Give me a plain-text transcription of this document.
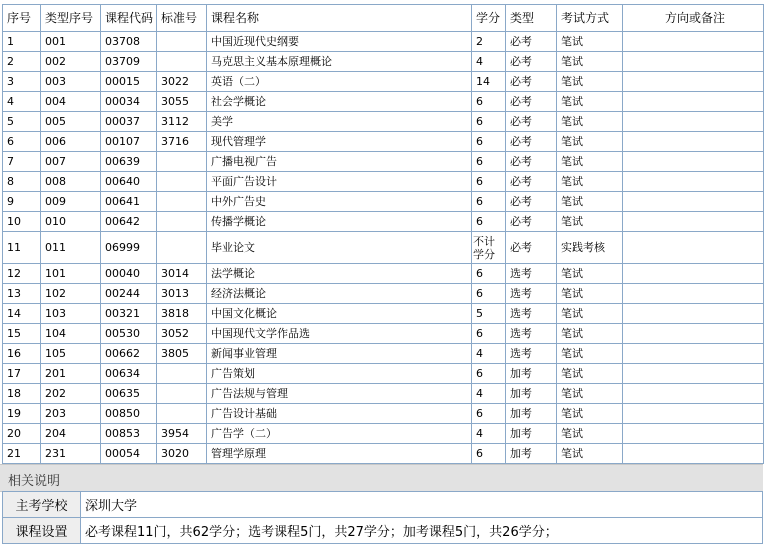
序号	类型序号	课程代码	标准号	课程名称	学分	类型	考试方式	方向或备注
1	001	03708		中国近现代史纲要	2	必考	笔试	
2	002	03709		马克思主义基本原理概论	4	必考	笔试	
3	003	00015	3022	英语（二）	14	必考	笔试	
4	004	00034	3055	社会学概论	6	必考	笔试	
5	005	00037	3112	美学	6	必考	笔试	
6	006	00107	3716	现代管理学	6	必考	笔试	
7	007	00639		广播电视广告	6	必考	笔试	
8	008	00640		平面广告设计	6	必考	笔试	
9	009	00641		中外广告史	6	必考	笔试	
10	010	00642		传播学概论	6	必考	笔试	
11	011	06999		毕业论文	不计学分	必考	实践考核	
12	101	00040	3014	法学概论	6	选考	笔试	
13	102	00244	3013	经济法概论	6	选考	笔试	
14	103	00321	3818	中国文化概论	5	选考	笔试	
15	104	00530	3052	中国现代文学作品选	6	选考	笔试	
16	105	00662	3805	新闻事业管理	4	选考	笔试	
17	201	00634		广告策划	6	加考	笔试	
18	202	00635		广告法规与管理	4	加考	笔试	
19	203	00850		广告设计基础	6	加考	笔试	
20	204	00853	3954	广告学（二）	4	加考	笔试	
21	231	00054	3020	管理学原理	6	加考	笔试	
相关说明
主考学校	深圳大学
课程设置	必考课程11门，共62学分；选考课程5门，共27学分；加考课程5门，共26学分；
